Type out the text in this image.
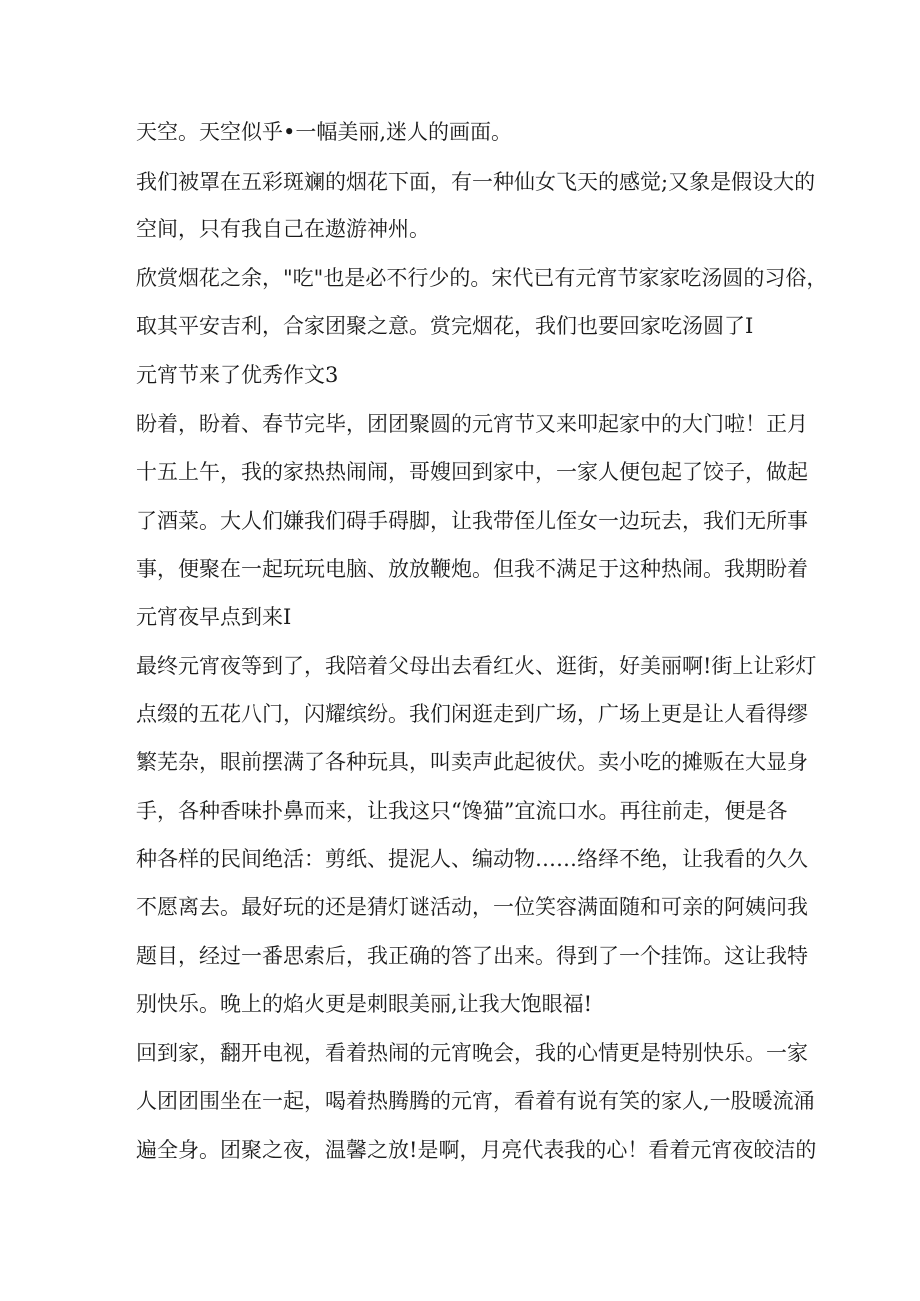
天空。天空似乎•一幅美丽,迷人的画面。
我们被罩在五彩斑斓的烟花下面，有一种仙女飞天的感觉;又象是假设大的
空间，只有我自己在遨游神州。
欣赏烟花之余，"吃"也是必不行少的。宋代已有元宵节家家吃汤圆的习俗，
取其平安吉利，合家团聚之意。赏完烟花，我们也要回家吃汤圆了I
元宵节来了优秀作文3
盼着，盼着、春节完毕，团团聚圆的元宵节又来叩起家中的大门啦！正月
十五上午，我的家热热闹闹，哥嫂回到家中，一家人便包起了饺子，做起
了酒菜。大人们嫌我们碍手碍脚，让我带侄儿侄女一边玩去，我们无所事
事，便聚在一起玩玩电脑、放放鞭炮。但我不满足于这种热闹。我期盼着
元宵夜早点到来I
最终元宵夜等到了，我陪着父母出去看红火、逛街，好美丽啊!街上让彩灯
点缀的五花八门，闪耀缤纷。我们闲逛走到广场，广场上更是让人看得缪
繁芜杂，眼前摆满了各种玩具，叫卖声此起彼伏。卖小吃的摊贩在大显身
手，各种香味扑鼻而来，让我这只“馋猫”宜流口水。再往前走，便是各
种各样的民间绝活：剪纸、提泥人、编动物……络绎不绝，让我看的久久
不愿离去。最好玩的还是猜灯谜活动，一位笑容满面随和可亲的阿姨问我
题目，经过一番思索后，我正确的答了出来。得到了一个挂饰。这让我特
别快乐。晚上的焰火更是刺眼美丽,让我大饱眼福!
回到家，翻开电视，看着热闹的元宵晚会，我的心情更是特别快乐。一家
人团团围坐在一起，喝着热腾腾的元宵，看着有说有笑的家人,一股暖流涌
遍全身。团聚之夜，温馨之放!是啊，月亮代表我的心！看着元宵夜皎洁的
